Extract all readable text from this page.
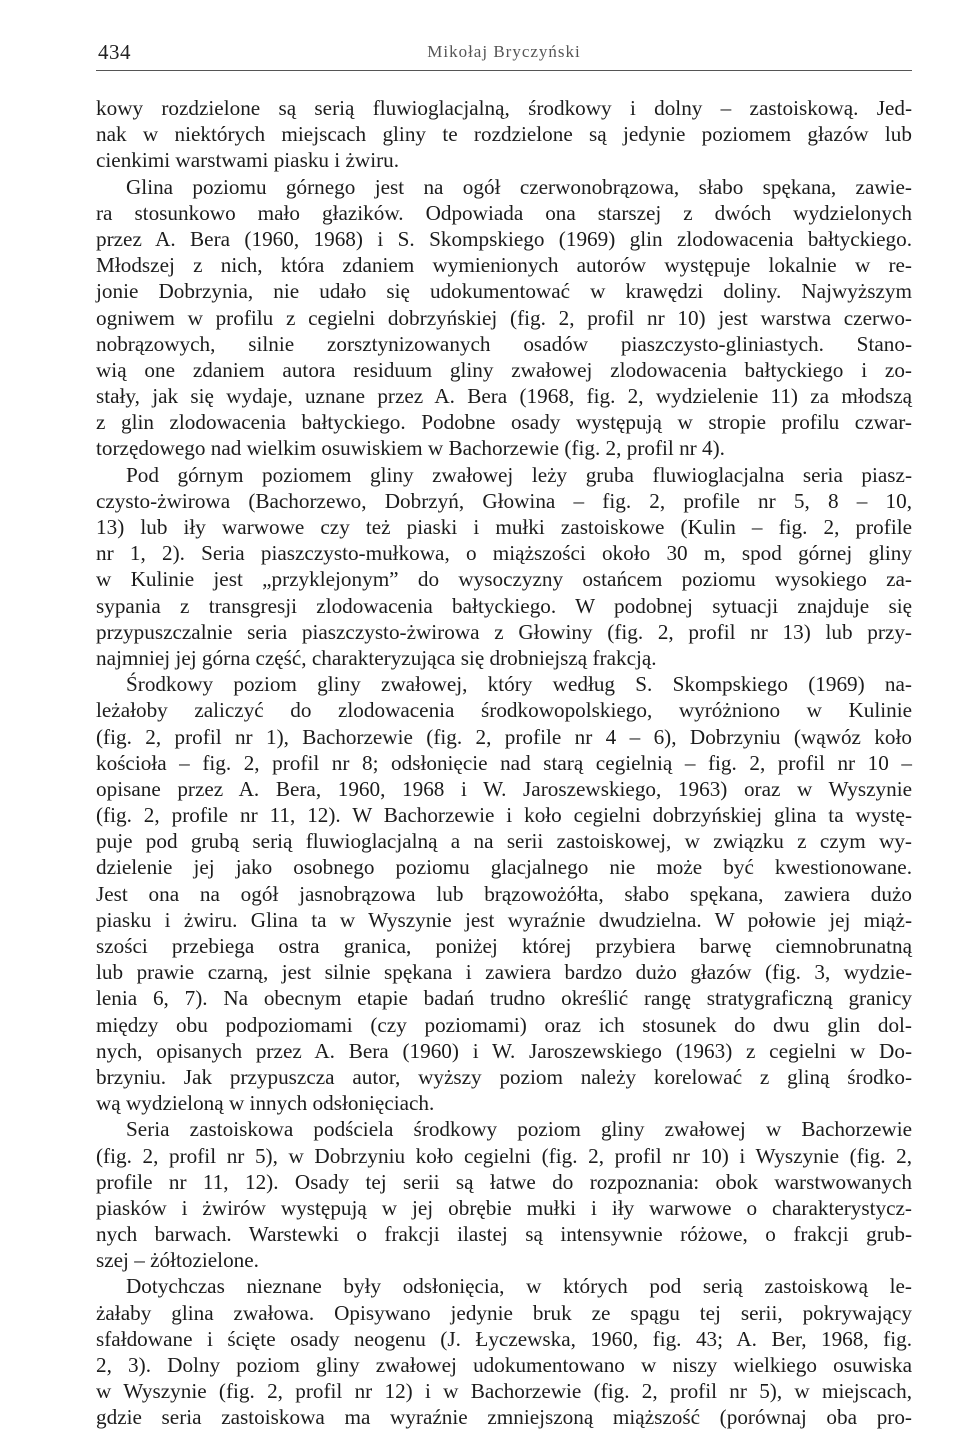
434	Mikołaj Bryczyński
kowy rozdzielone są serią fluwioglacjalną, środkowy i dolny – zastoiskową. Jed-
nak w niektórych miejscach gliny te rozdzielone są jedynie poziomem głazów lub
cienkimi warstwami piasku i żwiru.
Glina poziomu górnego jest na ogół czerwonobrązowa, słabo spękana, zawie-
ra stosunkowo mało głazików. Odpowiada ona starszej z dwóch wydzielonych
przez A. Bera (1960, 1968) i S. Skompskiego (1969) glin zlodowacenia bałtyckiego.
Młodszej z nich, która zdaniem wymienionych autorów występuje lokalnie w re-
jonie Dobrzynia, nie udało się udokumentować w krawędzi doliny. Najwyższym
ogniwem w profilu z cegielni dobrzyńskiej (fig. 2, profil nr 10) jest warstwa czerwo-
nobrązowych, silnie zorsztynizowanych osadów piaszczysto-gliniastych. Stano-
wią one zdaniem autora residuum gliny zwałowej zlodowacenia bałtyckiego i zo-
stały, jak się wydaje, uznane przez A. Bera (1968, fig. 2, wydzielenie 11) za młodszą
z glin zlodowacenia bałtyckiego. Podobne osady występują w stropie profilu czwar-
torzędowego nad wielkim osuwiskiem w Bachorzewie (fig. 2, profil nr 4).
Pod górnym poziomem gliny zwałowej leży gruba fluwioglacjalna seria piasz-
czysto-żwirowa (Bachorzewo, Dobrzyń, Głowina – fig. 2, profile nr 5, 8 – 10,
13) lub iły warwowe czy też piaski i mułki zastoiskowe (Kulin – fig. 2, profile
nr 1, 2). Seria piaszczysto-mułkowa, o miąższości około 30 m, spod górnej gliny
w Kulinie jest „przyklejonym” do wysoczyzny ostańcem poziomu wysokiego za-
sypania z transgresji zlodowacenia bałtyckiego. W podobnej sytuacji znajduje się
przypuszczalnie seria piaszczysto-żwirowa z Głowiny (fig. 2, profil nr 13) lub przy-
najmniej jej górna część, charakteryzująca się drobniejszą frakcją.
Środkowy poziom gliny zwałowej, który według S. Skompskiego (1969) na-
leżałoby zaliczyć do zlodowacenia środkowopolskiego, wyróżniono w Kulinie
(fig. 2, profil nr 1), Bachorzewie (fig. 2, profile nr 4 – 6), Dobrzyniu (wąwóz koło
kościoła – fig. 2, profil nr 8; odsłonięcie nad starą cegielnią – fig. 2, profil nr 10 –
opisane przez A. Bera, 1960, 1968 i W. Jaroszewskiego, 1963) oraz w Wyszynie
(fig. 2, profile nr 11, 12). W Bachorzewie i koło cegielni dobrzyńskiej glina ta wystę-
puje pod grubą serią fluwioglacjalną a na serii zastoiskowej, w związku z czym wy-
dzielenie jej jako osobnego poziomu glacjalnego nie może być kwestionowane.
Jest ona na ogół jasnobrązowa lub brązowożółta, słabo spękana, zawiera dużo
piasku i żwiru. Glina ta w Wyszynie jest wyraźnie dwudzielna. W połowie jej miąż-
szości przebiega ostra granica, poniżej której przybiera barwę ciemnobrunatną
lub prawie czarną, jest silnie spękana i zawiera bardzo dużo głazów (fig. 3, wydzie-
lenia 6, 7). Na obecnym etapie badań trudno określić rangę stratygraficzną granicy
między obu podpoziomami (czy poziomami) oraz ich stosunek do dwu glin dol-
nych, opisanych przez A. Bera (1960) i W. Jaroszewskiego (1963) z cegielni w Do-
brzyniu. Jak przypuszcza autor, wyższy poziom należy korelować z gliną środko-
wą wydzieloną w innych odsłonięciach.
Seria zastoiskowa podściela środkowy poziom gliny zwałowej w Bachorzewie
(fig. 2, profil nr 5), w Dobrzyniu koło cegielni (fig. 2, profil nr 10) i Wyszynie (fig. 2,
profile nr 11, 12). Osady tej serii są łatwe do rozpoznania: obok warstwowanych
piasków i żwirów występują w jej obrębie mułki i iły warwowe o charakterystycz-
nych barwach. Warstewki o frakcji ilastej są intensywnie różowe, o frakcji grub-
szej – żółtozielone.
Dotychczas nieznane były odsłonięcia, w których pod serią zastoiskową le-
żałaby glina zwałowa. Opisywano jedynie bruk ze spągu tej serii, pokrywający
sfałdowane i ścięte osady neogenu (J. Łyczewska, 1960, fig. 43; A. Ber, 1968, fig.
2, 3). Dolny poziom gliny zwałowej udokumentowano w niszy wielkiego osuwiska
w Wyszynie (fig. 2, profil nr 12) i w Bachorzewie (fig. 2, profil nr 5), w miejscach,
gdzie seria zastoiskowa ma wyraźnie zmniejszoną miąższość (porównaj oba pro-
